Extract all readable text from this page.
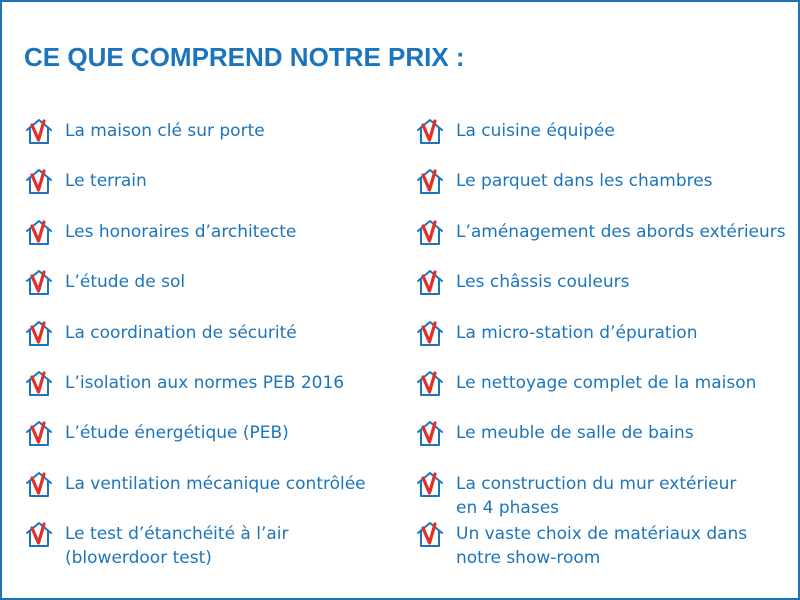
CE QUE COMPREND NOTRE PRIX :
La maison clé sur porte
Le terrain
Les honoraires d’architecte
L’étude de sol
La coordination de sécurité
L’isolation aux normes PEB 2016
L’étude énergétique (PEB)
La ventilation mécanique contrôlée
Le test d’étanchéité à l’air
(blowerdoor test)
La cuisine équipée
Le parquet dans les chambres
L’aménagement des abords extérieurs
Les châssis couleurs
La micro-station d’épuration
Le nettoyage complet de la maison
Le meuble de salle de bains
La construction du mur extérieur
en 4 phases
Un vaste choix de matériaux dans
notre show-room
